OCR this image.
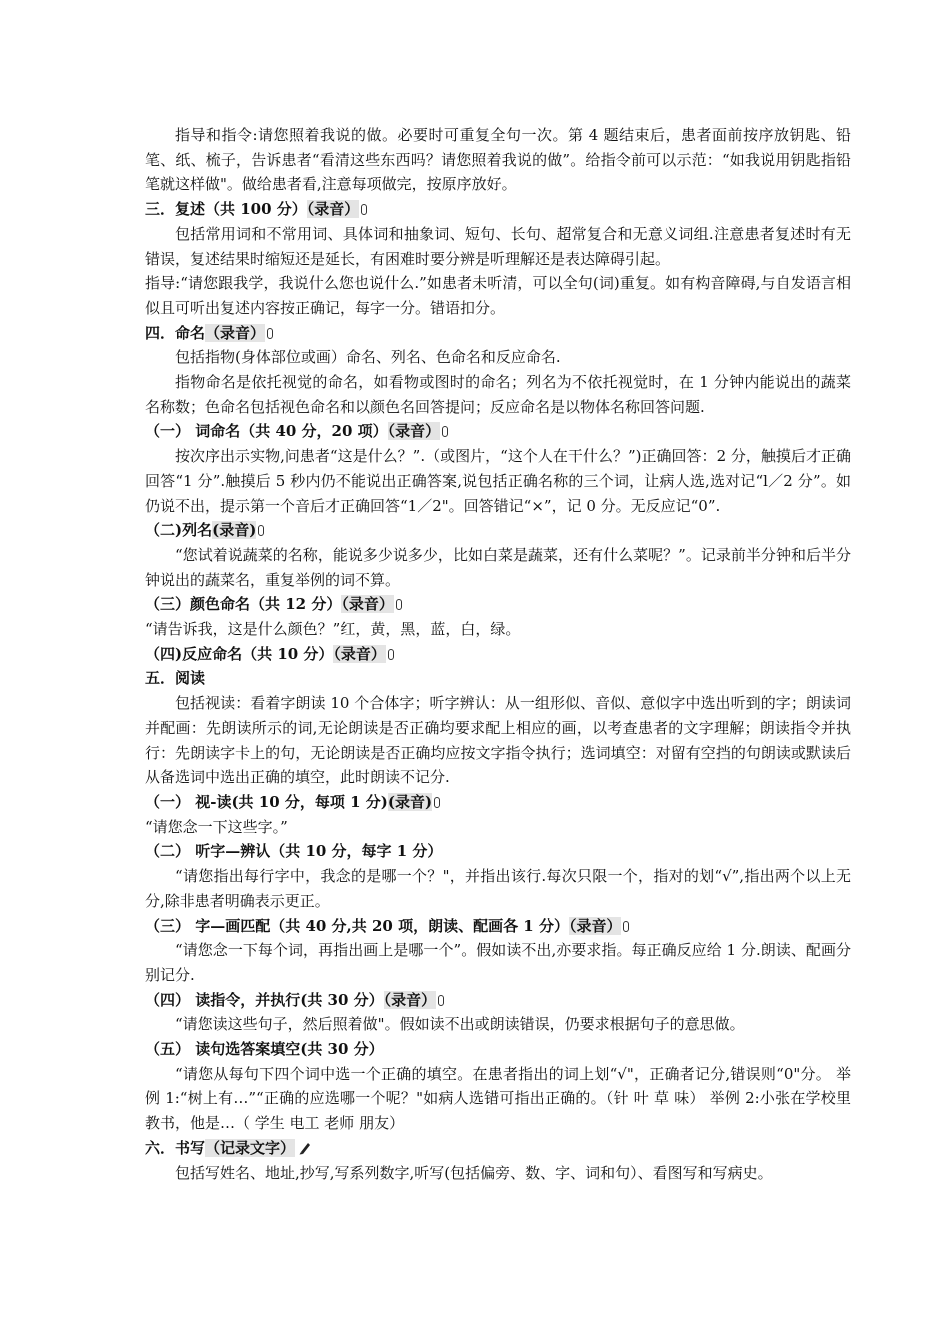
指导和指令:请您照着我说的做。必要时可重复全句一次。第 4 题结束后，患者面前按序放钥匙、铅笔、纸、梳子，告诉患者“看清这些东西吗？请您照着我说的做”。给指令前可以示范：“如我说用钥匙指铅笔就这样做"。做给患者看,注意每项做完，按原序放好。

三．复述（共 100 分）（录音）

包括常用词和不常用词、具体词和抽象词、短句、长句、超常复合和无意义词组.注意患者复述时有无错误，复述结果时缩短还是延长，有困难时要分辨是听理解还是表达障碍引起。

指导:“请您跟我学，我说什么您也说什么.”如患者未听清，可以全句(词)重复。如有构音障碍,与自发语言相似且可听出复述内容按正确记，每字一分。错语扣分。

四．命名（录音）

包括指物(身体部位或画）命名、列名、色命名和反应命名.

指物命名是依托视觉的命名，如看物或图时的命名；列名为不依托视觉时，在 1 分钟内能说出的蔬菜名称数；色命名包括视色命名和以颜色名回答提问；反应命名是以物体名称回答问题.

（一） 词命名（共 40 分，20 项）（录音）

按次序出示实物,问患者“这是什么？”.（或图片，“这个人在干什么？”)正确回答：2 分，触摸后才正确回答“1 分”.触摸后 5 秒内仍不能说出正确答案,说包括正确名称的三个词，让病人选,选对记“l／2 分”。如仍说不出，提示第一个音后才正确回答“1／2"。回答错记“×”，记 0 分。无反应记“0”.

（二)列名(录音)

“您试着说蔬菜的名称，能说多少说多少，比如白菜是蔬菜，还有什么菜呢？”。记录前半分钟和后半分钟说出的蔬菜名，重复举例的词不算。

（三）颜色命名（共 12 分）（录音）

“请告诉我，这是什么颜色？”红，黄，黑，蓝，白，绿。

（四)反应命名（共 10 分）（录音）

五．阅读

包括视读：看着字朗读 10 个合体字；听字辨认：从一组形似、音似、意似字中选出听到的字；朗读词并配画：先朗读所示的词,无论朗读是否正确均要求配上相应的画，以考查患者的文字理解；朗读指令并执行：先朗读字卡上的句，无论朗读是否正确均应按文字指令执行；选词填空：对留有空挡的句朗读或默读后从备选词中选出正确的填空，此时朗读不记分.

（一） 视-读(共 10 分，每项 1 分)(录音)

“请您念一下这些字。”

（二） 听字—辨认（共 10 分，每字 1 分）

“请您指出每行字中，我念的是哪一个？"，并指出该行.每次只限一个，指对的划“√”,指出两个以上无分,除非患者明确表示更正。

（三） 字—画匹配（共 40 分,共 20 项，朗读、配画各 1 分）（录音）

“请您念一下每个词，再指出画上是哪一个”。假如读不出,亦要求指。每正确反应给 1 分.朗读、配画分别记分.

（四） 读指令，并执行(共 30 分）（录音）

“请您读这些句子，然后照着做"。假如读不出或朗读错误，仍要求根据句子的意思做。

（五） 读句选答案填空(共 30 分）

“请您从每句下四个词中选一个正确的填空。在患者指出的词上划“√"，正确者记分,错误则“0"分。 举例 1:“树上有…”“正确的应选哪一个呢？"如病人选错可指出正确的。（针 叶 草 味） 举例 2:小张在学校里教书，他是…（ 学生 电工 老师 朋友）

六．书写（记录文字）

包括写姓名、地址,抄写,写系列数字,听写(包括偏旁、数、字、词和句）、看图写和写病史。
